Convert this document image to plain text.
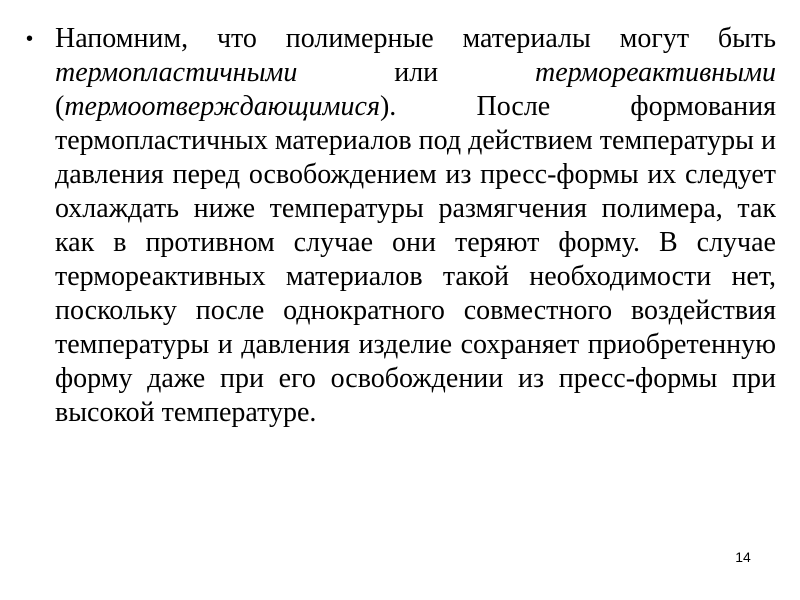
• Напомним, что полимерные материалы могут быть термопластичными или термореактивными (термоотверждающимися). После формования термопластичных материалов под действием температуры и давления перед освобождением из пресс-формы их следует охлаждать ниже температуры размягчения полимера, так как в противном случае они теряют форму. В случае термореактивных материалов такой необходимости нет, поскольку после однократного совместного воздействия температуры и давления изделие сохраняет приобретенную форму даже при его освобождении из пресс-формы при высокой температуре.
14
